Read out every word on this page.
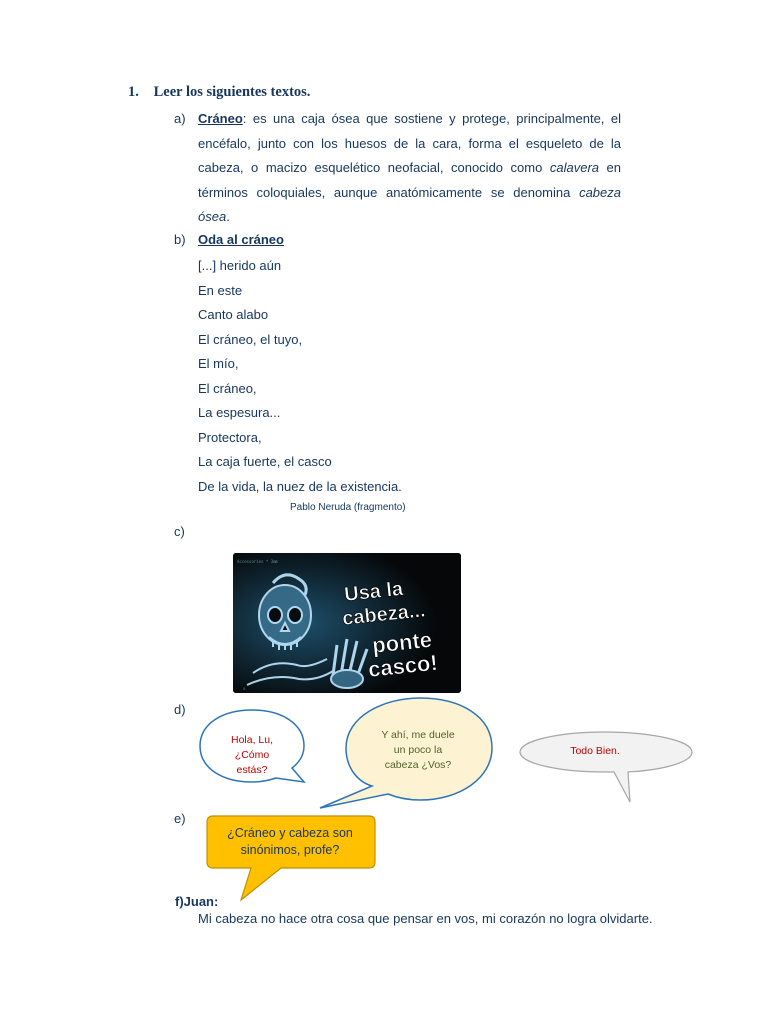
1. Leer los siguientes textos.
a) Cráneo: es una caja ósea que sostiene y protege, principalmente, el encéfalo, junto con los huesos de la cara, forma el esqueleto de la cabeza, o macizo esquelético neofacial, conocido como calavera en términos coloquiales, aunque anatómicamente se denomina cabeza ósea.
b) Oda al cráneo
[...] herido aún
En este
Canto alabo
El cráneo, el tuyo,
El mío,
El cráneo,
La espesura...
Protectora,
La caja fuerte, el casco
De la vida, la nuez de la existencia.
Pablo Neruda (fragmento)
c)
Accessories * 3mm
x
Usa la
cabeza...
ponte
casco!
d)
Hola, Lu,
¿Cómo
estás?
Y ahí, me duele
un poco la
cabeza ¿Vos?
Todo Bien.
e)
¿Cráneo y cabeza son
sinónimos, profe?
f)Juan:
Mi cabeza no hace otra cosa que pensar en vos, mi corazón no logra olvidarte.
